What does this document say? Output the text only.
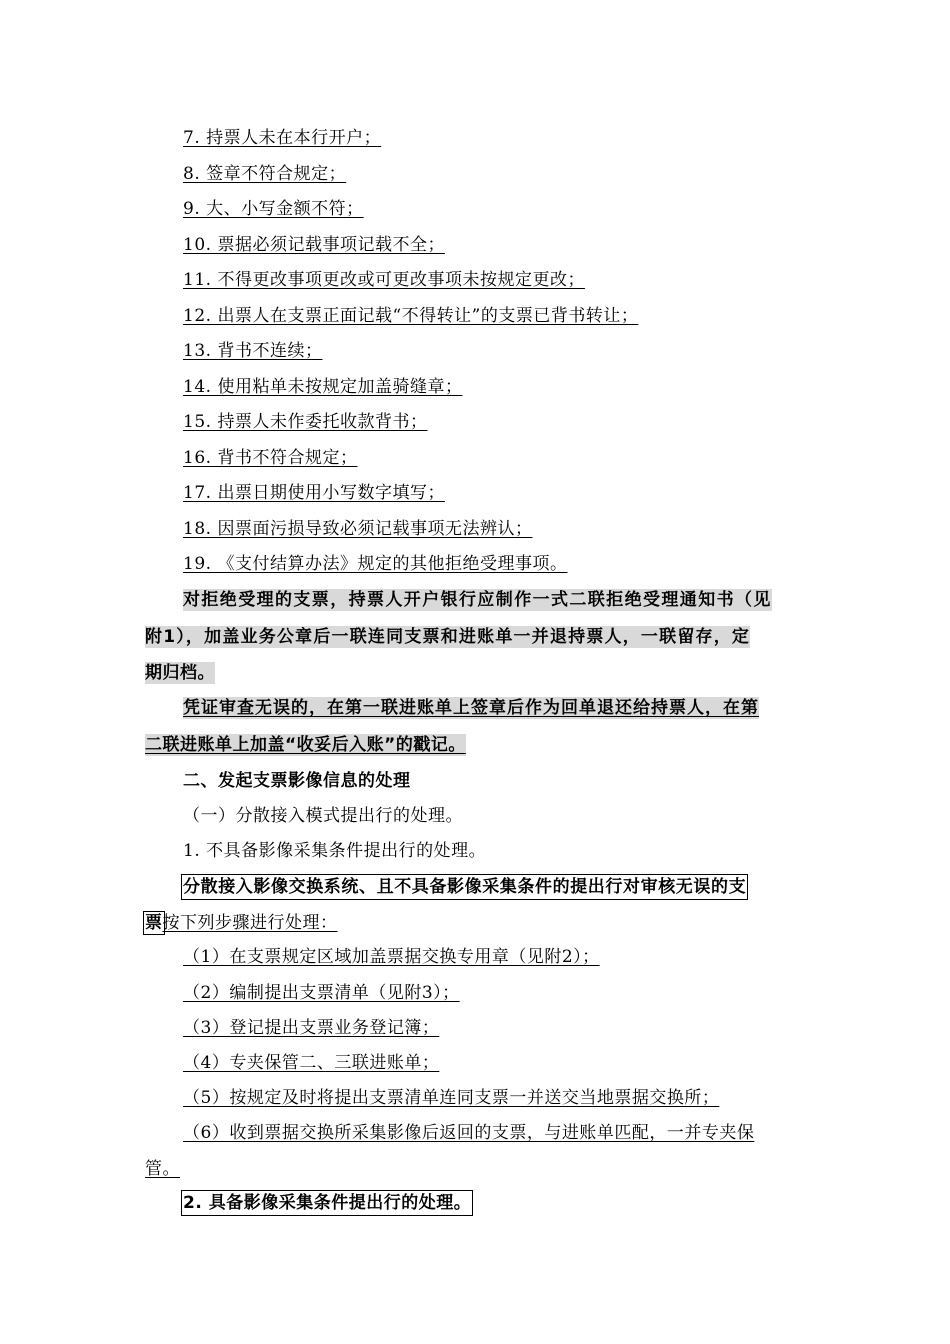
7. 持票人未在本行开户；
8. 签章不符合规定；
9. 大、小写金额不符；
10. 票据必须记载事项记载不全；
11. 不得更改事项更改或可更改事项未按规定更改；
12. 出票人在支票正面记载“不得转让”的支票已背书转让；
13. 背书不连续；
14. 使用粘单未按规定加盖骑缝章；
15. 持票人未作委托收款背书；
16. 背书不符合规定；
17. 出票日期使用小写数字填写；
18. 因票面污损导致必须记载事项无法辨认；
19. 《支付结算办法》规定的其他拒绝受理事项。
对拒绝受理的支票，持票人开户银行应制作一式二联拒绝受理通知书（见
附1），加盖业务公章后一联连同支票和进账单一并退持票人，一联留存，定
期归档。
凭证审查无误的，在第一联进账单上签章后作为回单退还给持票人，在第
二联进账单上加盖“收妥后入账”的戳记。
二、发起支票影像信息的处理
（一）分散接入模式提出行的处理。
1. 不具备影像采集条件提出行的处理。
分散接入影像交换系统、且不具备影像采集条件的提出行对审核无误的支
票按下列步骤进行处理：
（1）在支票规定区域加盖票据交换专用章（见附2）；
（2）编制提出支票清单（见附3）；
（3）登记提出支票业务登记簿；
（4）专夹保管二、三联进账单；
（5）按规定及时将提出支票清单连同支票一并送交当地票据交换所；
（6）收到票据交换所采集影像后返回的支票，与进账单匹配，一并专夹保
管。
2. 具备影像采集条件提出行的处理。
